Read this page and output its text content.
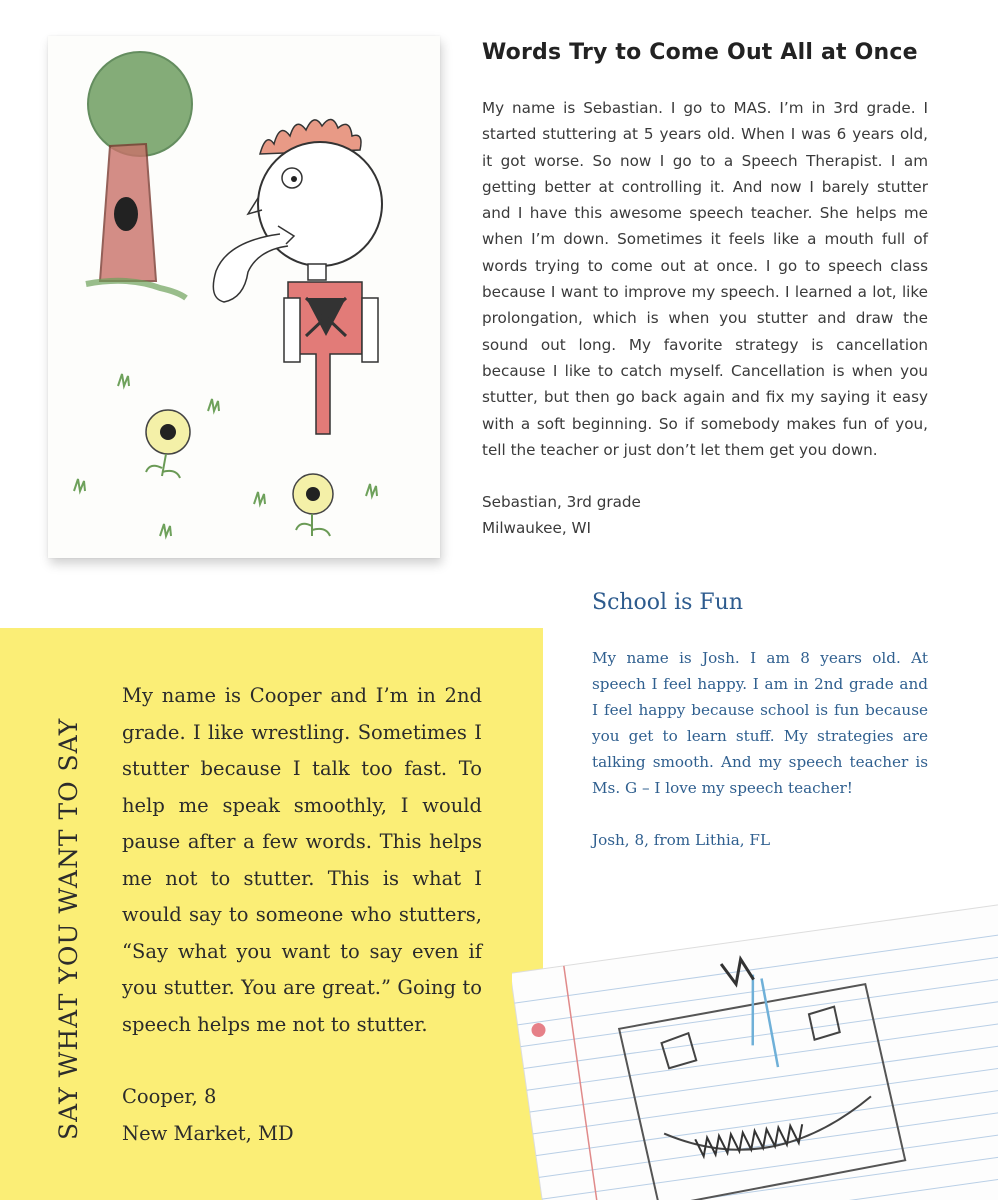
Words Try to Come Out All at Once

My name is Sebastian. I go to MAS. I’m in 3rd grade. I started stuttering at 5 years old. When I was 6 years old, it got worse. So now I go to a Speech Therapist. I am getting better at controlling it. And now I barely stutter and I have this awesome speech teacher. She helps me when I’m down. Sometimes it feels like a mouth full of words trying to come out at once. I go to speech class because I want to improve my speech. I learned a lot, like prolongation, which is when you stutter and draw the sound out long. My favorite strategy is cancellation because I like to catch myself. Cancellation is when you stutter, but then go back again and fix my saying it easy with a soft beginning. So if somebody makes fun of you, tell the teacher or just don’t let them get you down.

Sebastian, 3rd grade
Milwaukee, WI
SAY WHAT YOU WANT TO SAY

My name is Cooper and I’m in 2nd grade. I like wrestling. Sometimes I stutter because I talk too fast. To help me speak smoothly, I would pause after a few words. This helps me not to stutter. This is what I would say to someone who stutters, “Say what you want to say even if you stutter. You are great.” Going to speech helps me not to stutter.

Cooper, 8
New Market, MD
School is Fun

My name is Josh. I am 8 years old. At speech I feel happy. I am in 2nd grade and I feel happy because school is fun because you get to learn stuff. My strategies are talking smooth. And my speech teacher is Ms. G – I love my speech teacher!

Josh, 8, from Lithia, FL
